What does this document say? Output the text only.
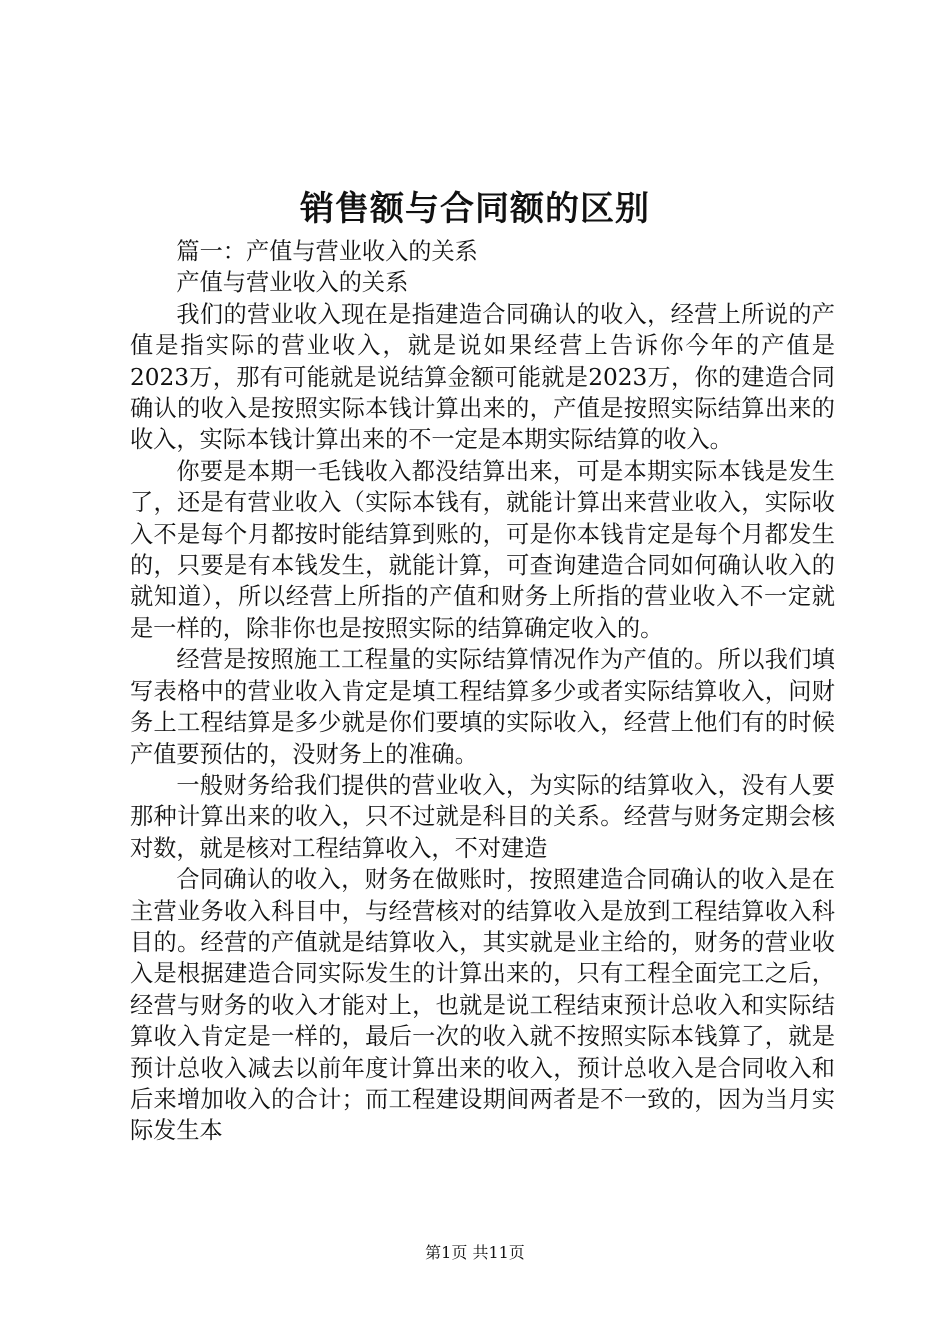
销售额与合同额的区别

篇一：产值与营业收入的关系

产值与营业收入的关系

我们的营业收入现在是指建造合同确认的收入，经营上所说的产值是指实际的营业收入，就是说如果经营上告诉你今年的产值是2023万，那有可能就是说结算金额可能就是2023万，你的建造合同确认的收入是按照实际本钱计算出来的，产值是按照实际结算出来的收入，实际本钱计算出来的不一定是本期实际结算的收入。

你要是本期一毛钱收入都没结算出来，可是本期实际本钱是发生了，还是有营业收入（实际本钱有，就能计算出来营业收入，实际收入不是每个月都按时能结算到账的，可是你本钱肯定是每个月都发生的，只要是有本钱发生，就能计算，可查询建造合同如何确认收入的就知道），所以经营上所指的产值和财务上所指的营业收入不一定就是一样的，除非你也是按照实际的结算确定收入的。

经营是按照施工工程量的实际结算情况作为产值的。所以我们填写表格中的营业收入肯定是填工程结算多少或者实际结算收入，问财务上工程结算是多少就是你们要填的实际收入，经营上他们有的时候产值要预估的，没财务上的准确。

一般财务给我们提供的营业收入，为实际的结算收入，没有人要那种计算出来的收入，只不过就是科目的关系。经营与财务定期会核对数，就是核对工程结算收入，不对建造

合同确认的收入，财务在做账时，按照建造合同确认的收入是在主营业务收入科目中，与经营核对的结算收入是放到工程结算收入科目的。经营的产值就是结算收入，其实就是业主给的，财务的营业收入是根据建造合同实际发生的计算出来的，只有工程全面完工之后，经营与财务的收入才能对上，也就是说工程结束预计总收入和实际结算收入肯定是一样的，最后一次的收入就不按照实际本钱算了，就是预计总收入减去以前年度计算出来的收入，预计总收入是合同收入和后来增加收入的合计；而工程建设期间两者是不一致的，因为当月实际发生本

第1页 共11页
